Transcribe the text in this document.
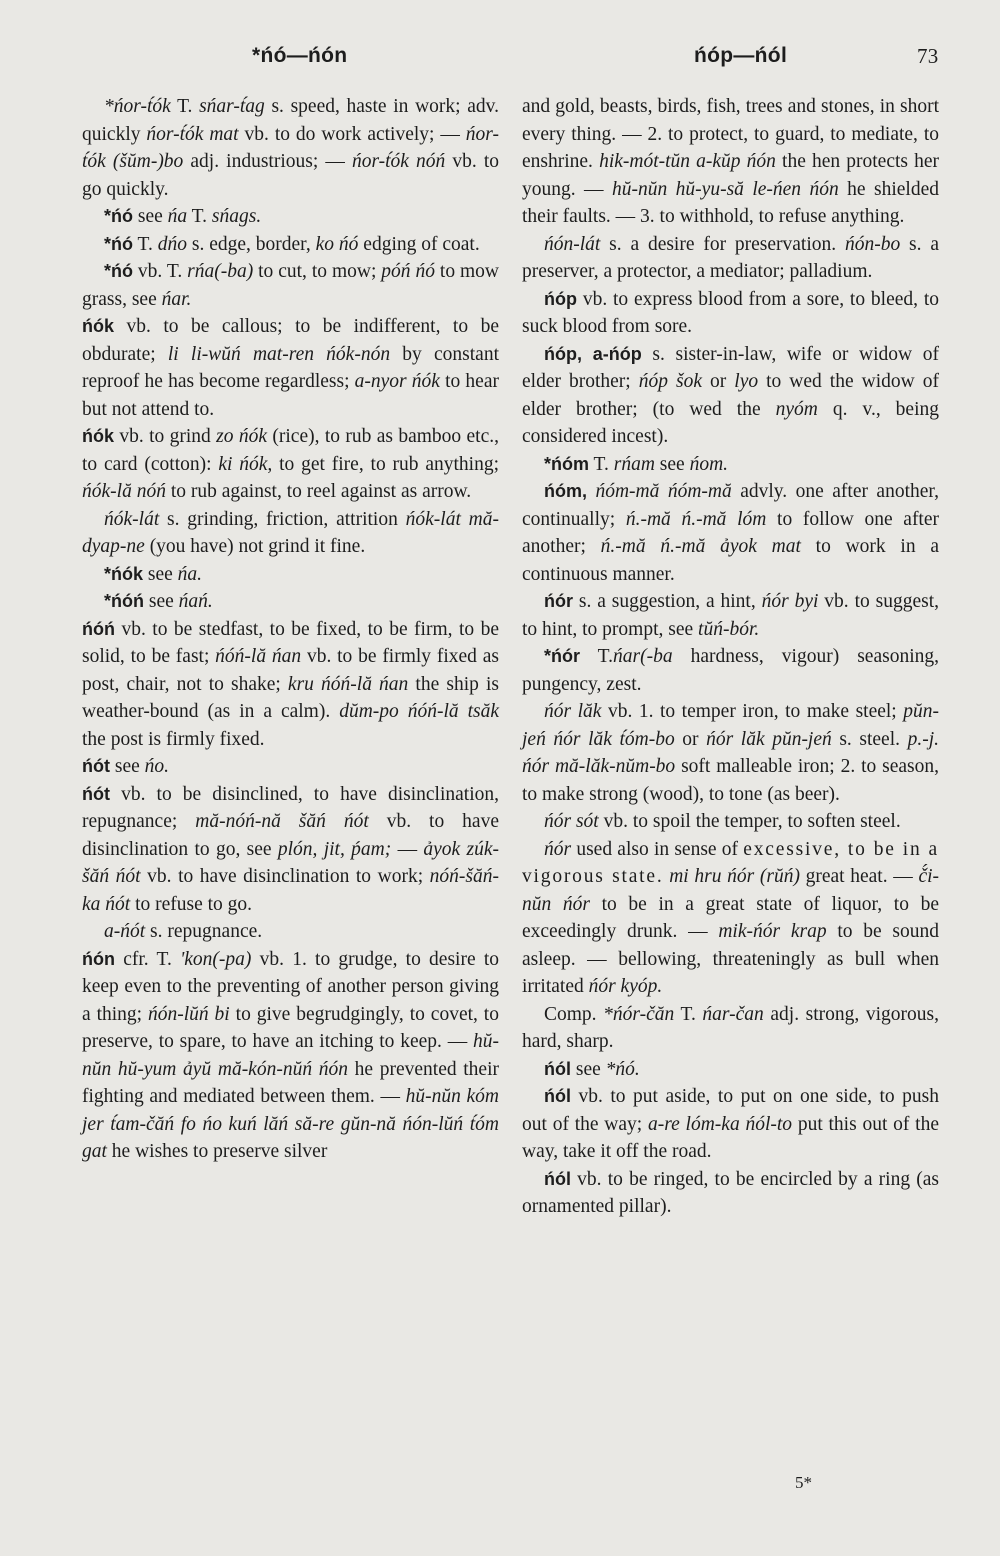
*ńó—ńón	ńóp—ńól	73

*ńor-t́ók T. sńar-t́ag s. speed, haste in work; adv. quickly ńor-t́ók mat vb. to do work actively; — ńor-t́ók (šŭm-)bo adj. industrious; — ńor-t́ók nóń vb. to go quickly.

*ńó see ńa T. sńags.

*ńó T. dńo s. edge, border, ko ńó edging of coat.

*ńó vb. T. rńa(-ba) to cut, to mow; póń ńó to mow grass, see ńar.

ńók vb. to be callous; to be indifferent, to be obdurate; li li-wŭń mat-ren ńók-nón by constant reproof he has become regardless; a-nyor ńók to hear but not attend to.

ńók vb. to grind zo ńók (rice), to rub as bamboo etc., to card (cotton): ki ńók, to get fire, to rub anything; ńók-lă nóń to rub against, to reel against as arrow.

ńók-lát s. grinding, friction, attrition ńók-lát mă-dyap-ne (you have) not grind it fine.

*ńók see ńa.

*ńóń see ńań.

ńóń vb. to be stedfast, to be fixed, to be firm, to be solid, to be fast; ńóń-lă ńan vb. to be firmly fixed as post, chair, not to shake; kru ńóń-lă ńan the ship is weather-bound (as in a calm). dŭm-po ńóń-lă tsăk the post is firmly fixed.

ńót see ńo.

ńót vb. to be disinclined, to have disinclination, repugnance; mă-nóń-nă šăń ńót vb. to have disinclination to go, see plón, jit, ṕam; — ảyok zúk-šăń ńót vb. to have disinclination to work; nóń-šăń-ka ńót to refuse to go.

a-ńót s. repugnance.

ńón cfr. T. 'kon(-pa) vb. 1. to grudge, to desire to keep even to the preventing of another person giving a thing; ńón-lŭń bi to give begrudgingly, to covet, to preserve, to spare, to have an itching to keep. — hŭ-nŭn hŭ-yum ảyŭ mă-kón-nŭń ńón he prevented their fighting and mediated between them. — hŭ-nŭn kóm jer t́am-čăń fo ńo kuń lăń să-re gŭn-nă ńón-lŭń t́óm gat he wishes to preserve silver

and gold, beasts, birds, fish, trees and stones, in short every thing. — 2. to protect, to guard, to mediate, to enshrine. hik-mót-tŭn a-kŭp ńón the hen protects her young. — hŭ-nŭn hŭ-yu-să le-ńen ńón he shielded their faults. — 3. to withhold, to refuse anything.

ńón-lát s. a desire for preservation. ńón-bo s. a preserver, a protector, a mediator; palladium.

ńóp vb. to express blood from a sore, to bleed, to suck blood from sore.

ńóp, a-ńóp s. sister-in-law, wife or widow of elder brother; ńóp šok or lyo to wed the widow of elder brother; (to wed the nyóm q. v., being considered incest).

*ńóm T. rńam see ńom.

ńóm, ńóm-mă ńóm-mă advly. one after another, continually; ń.-mă ń.-mă lóm to follow one after another; ń.-mă ń.-mă ảyok mat to work in a continuous manner.

ńór s. a suggestion, a hint, ńór byi vb. to suggest, to hint, to prompt, see tŭń-bór.

*ńór T.ńar(-ba hardness, vigour) seasoning, pungency, zest.

ńór lăk vb. 1. to temper iron, to make steel; pŭn-jeń ńór lăk t́óm-bo or ńór lăk pŭn-jeń s. steel. p.-j. ńór mă-lăk-nŭm-bo soft malleable iron; 2. to season, to make strong (wood), to tone (as beer).

ńór sót vb. to spoil the temper, to soften steel.

ńór used also in sense of excessive, to be in a vigorous state. mi hru ńór (rŭń) great heat. — č́i-nŭn ńór to be in a great state of liquor, to be exceedingly drunk. — mik-ńór krap to be sound asleep. — bellowing, threateningly as bull when irritated ńór kyóp.

Comp. *ńór-čăn T. ńar-čan adj. strong, vigorous, hard, sharp.

ńól see *ńó.

ńól vb. to put aside, to put on one side, to push out of the way; a-re lóm-ka ńól-to put this out of the way, take it off the road.

ńól vb. to be ringed, to be encircled by a ring (as ornamented pillar).

5*
